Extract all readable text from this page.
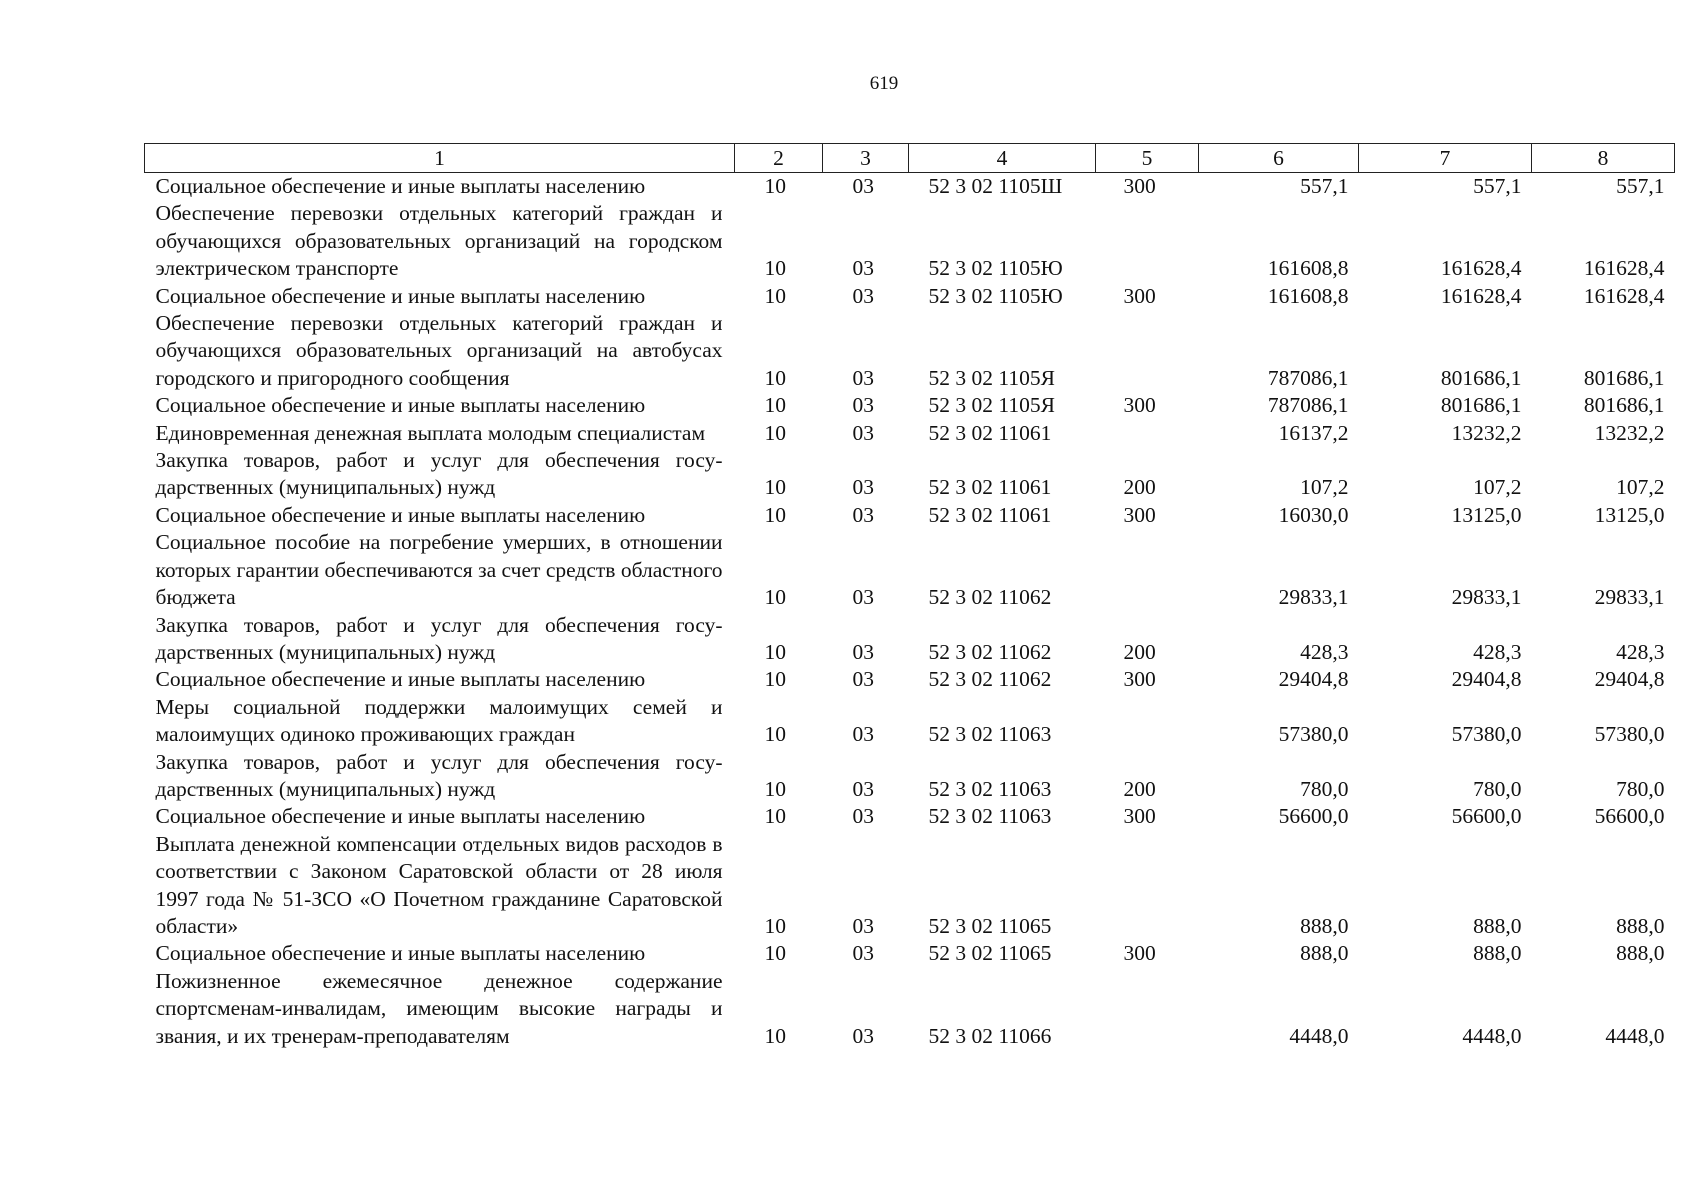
619
1	2	3	4	5	6	7	8
Социальное обеспечение и иные выплаты населению	10	03	52 3 02 1105Ш	300	557,1	557,1	557,1
Обеспечение перевозки отдельных категорий граждан и обучающихся образовательных организаций на городском электрическом транспорте	10	03	52 3 02 1105Ю		161608,8	161628,4	161628,4
Социальное обеспечение и иные выплаты населению	10	03	52 3 02 1105Ю	300	161608,8	161628,4	161628,4
Обеспечение перевозки отдельных категорий граждан и обучающихся образовательных организаций на автобусах городского и пригородного сообщения	10	03	52 3 02 1105Я		787086,1	801686,1	801686,1
Социальное обеспечение и иные выплаты населению	10	03	52 3 02 1105Я	300	787086,1	801686,1	801686,1
Единовременная денежная выплата молодым специалистам	10	03	52 3 02 11061		16137,2	13232,2	13232,2
Закупка товаров, работ и услуг для обеспечения государственных (муниципальных) нужд	10	03	52 3 02 11061	200	107,2	107,2	107,2
Социальное обеспечение и иные выплаты населению	10	03	52 3 02 11061	300	16030,0	13125,0	13125,0
Социальное пособие на погребение умерших, в отношении которых гарантии обеспечиваются за счет средств областного бюджета	10	03	52 3 02 11062		29833,1	29833,1	29833,1
Закупка товаров, работ и услуг для обеспечения государственных (муниципальных) нужд	10	03	52 3 02 11062	200	428,3	428,3	428,3
Социальное обеспечение и иные выплаты населению	10	03	52 3 02 11062	300	29404,8	29404,8	29404,8
Меры социальной поддержки малоимущих семей и малоимущих одиноко проживающих граждан	10	03	52 3 02 11063		57380,0	57380,0	57380,0
Закупка товаров, работ и услуг для обеспечения государственных (муниципальных) нужд	10	03	52 3 02 11063	200	780,0	780,0	780,0
Социальное обеспечение и иные выплаты населению	10	03	52 3 02 11063	300	56600,0	56600,0	56600,0
Выплата денежной компенсации отдельных видов расходов в соответствии с Законом Саратовской области от 28 июля 1997 года № 51-ЗСО «О Почетном гражданине Саратовской области»	10	03	52 3 02 11065		888,0	888,0	888,0
Социальное обеспечение и иные выплаты населению	10	03	52 3 02 11065	300	888,0	888,0	888,0
Пожизненное ежемесячное денежное содержание спортсменам-инвалидам, имеющим высокие награды и звания, и их тренерам-преподавателям	10	03	52 3 02 11066		4448,0	4448,0	4448,0
